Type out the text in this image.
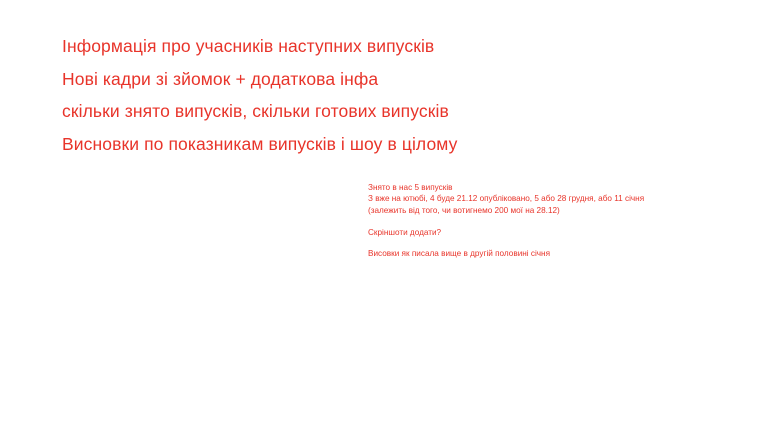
Інформація про учасників наступних випусків

Нові кадри зі зйомок + додаткова інфа

скільки знято випусків, скільки готових випусків

Висновки по показникам випусків і шоу в цілому

Знято в нас 5 випусків

З вже на ютюбі, 4 буде 21.12 опубліковано, 5 або 28 грудня, або 11 січня

(залежить від того, чи вотигнемо 200 мої на 28.12)

Скріншоти додати?

Висовки як писала вище в другій половині січня
